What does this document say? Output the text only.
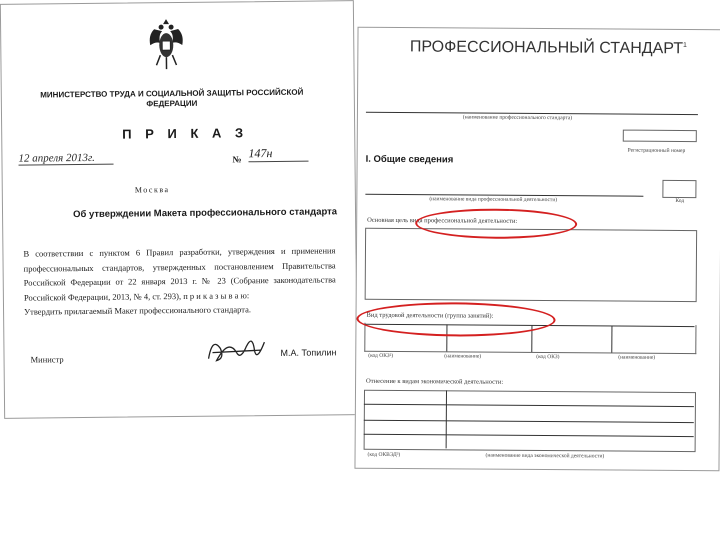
МИНИСТЕРСТВО ТРУДА И СОЦИАЛЬНОЙ ЗАЩИТЫ РОССИЙСКОЙ ФЕДЕРАЦИИ
П Р И К А З
12 апреля 2013г.	№ 147н
Москва
Об утверждении Макета профессионального стандарта
В соответствии с пунктом 6 Правил разработки, утверждения и применения профессиональных стандартов, утвержденных постановлением Правительства Российской Федерации от 22 января 2013 г. № 23 (Собрание законодательства Российской Федерации, 2013, № 4, ст. 293), п р и к а з ы в а ю:
Утвердить прилагаемый Макет профессионального стандарта.
Министр
М.А. Топилин
ПРОФЕССИОНАЛЬНЫЙ СТАНДАРТ$^1$
(наименование профессионального стандарта)
Регистрационный номер
I. Общие сведения
(наименование вида профессиональной деятельности)	Код
Основная цель вида профессиональной деятельности:
Вид трудовой деятельности (группа занятий):
(код ОКЗ²)	(наименование)	(код ОКЗ)	(наименование)
Отнесение к видам экономической деятельности:
(код ОКВЭД³)	(наименование вида экономической деятельности)
